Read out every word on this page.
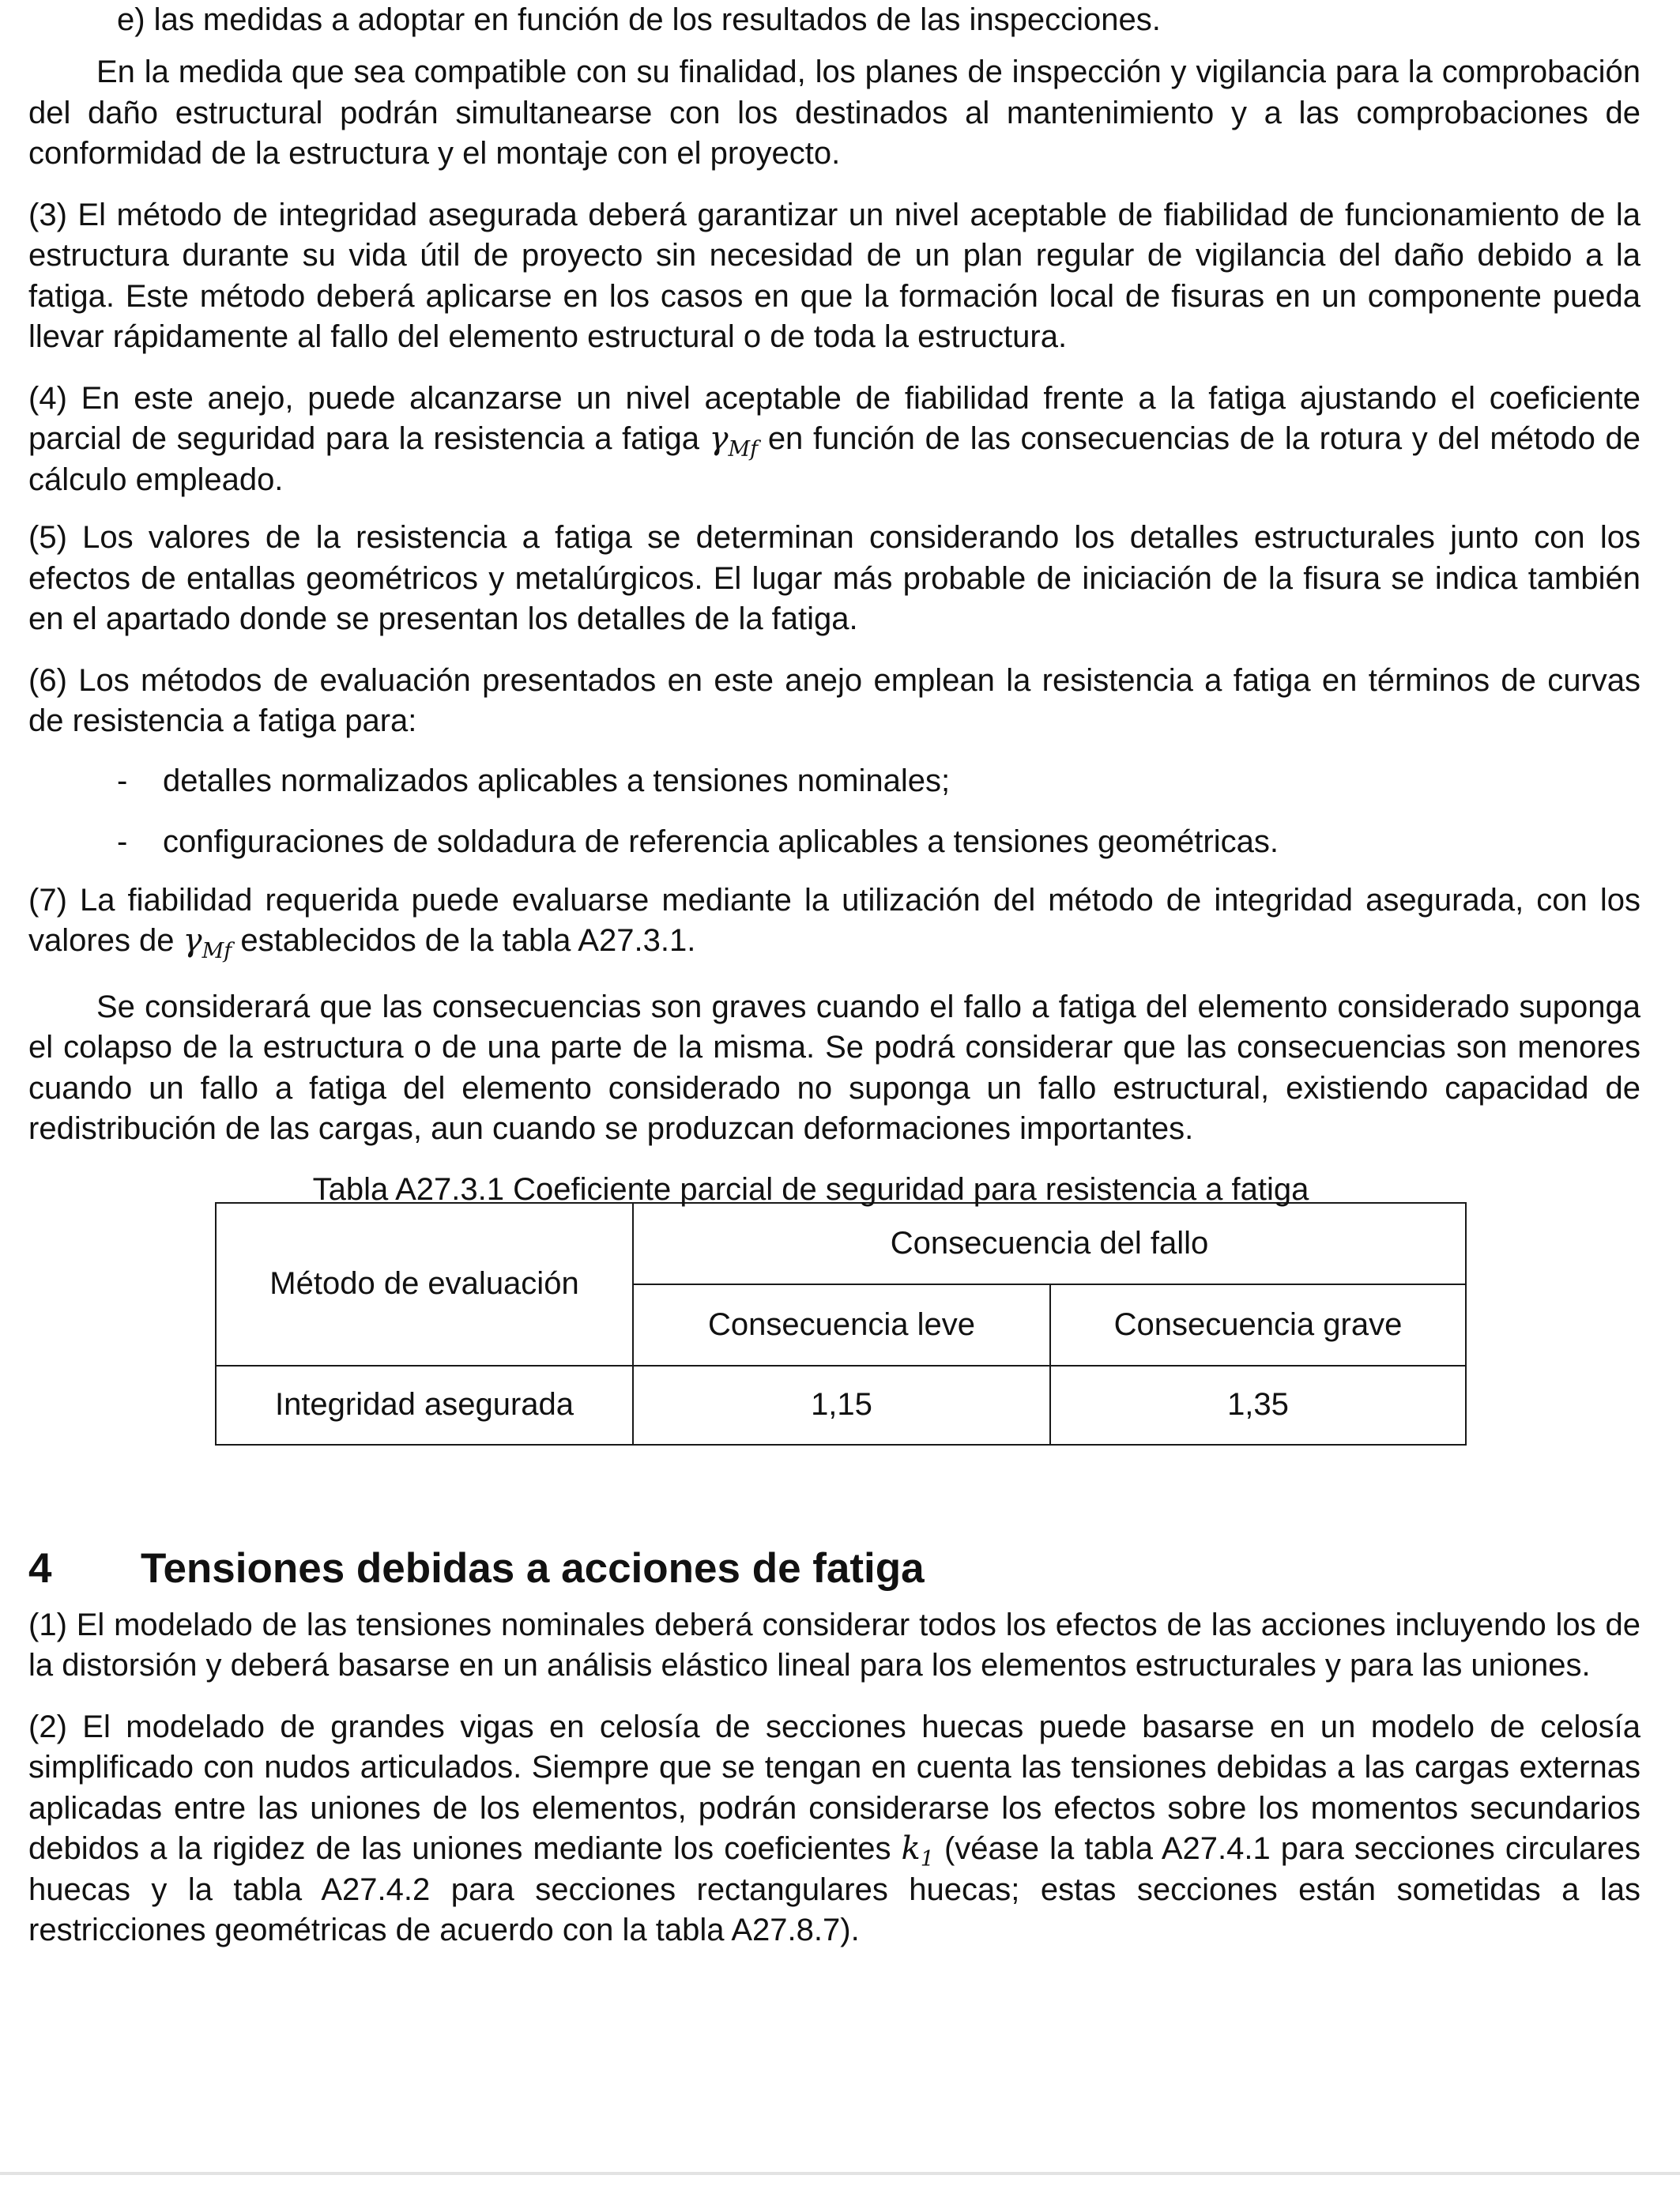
e) las medidas a adoptar en función de los resultados de las inspecciones.

En la medida que sea compatible con su finalidad, los planes de inspección y vigilancia para la comprobación del daño estructural podrán simultanearse con los destinados al mantenimiento y a las comprobaciones de conformidad de la estructura y el montaje con el proyecto.

(3) El método de integridad asegurada deberá garantizar un nivel aceptable de fiabilidad de funcionamiento de la estructura durante su vida útil de proyecto sin necesidad de un plan regular de vigilancia del daño debido a la fatiga. Este método deberá aplicarse en los casos en que la formación local de fisuras en un componente pueda llevar rápidamente al fallo del elemento estructural o de toda la estructura.

(4) En este anejo, puede alcanzarse un nivel aceptable de fiabilidad frente a la fatiga ajustando el coeficiente parcial de seguridad para la resistencia a fatiga $\gamma_{Mf}$ en función de las consecuencias de la rotura y del método de cálculo empleado.

(5) Los valores de la resistencia a fatiga se determinan considerando los detalles estructurales junto con los efectos de entallas geométricos y metalúrgicos. El lugar más probable de iniciación de la fisura se indica también en el apartado donde se presentan los detalles de la fatiga.

(6) Los métodos de evaluación presentados en este anejo emplean la resistencia a fatiga en términos de curvas de resistencia a fatiga para:

- detalles normalizados aplicables a tensiones nominales;
- configuraciones de soldadura de referencia aplicables a tensiones geométricas.

(7) La fiabilidad requerida puede evaluarse mediante la utilización del método de integridad asegurada, con los valores de $\gamma_{Mf}$ establecidos de la tabla A27.3.1.

Se considerará que las consecuencias son graves cuando el fallo a fatiga del elemento considerado suponga el colapso de la estructura o de una parte de la misma. Se podrá considerar que las consecuencias son menores cuando un fallo a fatiga del elemento considerado no suponga un fallo estructural, existiendo capacidad de redistribución de las cargas, aun cuando se produzcan deformaciones importantes.

Tabla A27.3.1 Coeficiente parcial de seguridad para resistencia a fatiga
Método de evaluación	Consecuencia del fallo	
	Consecuencia leve	Consecuencia grave
Integridad asegurada	1,15	1,35
4 Tensiones debidas a acciones de fatiga

(1) El modelado de las tensiones nominales deberá considerar todos los efectos de las acciones incluyendo los de la distorsión y deberá basarse en un análisis elástico lineal para los elementos estructurales y para las uniones.

(2) El modelado de grandes vigas en celosía de secciones huecas puede basarse en un modelo de celosía simplificado con nudos articulados. Siempre que se tengan en cuenta las tensiones debidas a las cargas externas aplicadas entre las uniones de los elementos, podrán considerarse los efectos sobre los momentos secundarios debidos a la rigidez de las uniones mediante los coeficientes $k_1$ (véase la tabla A27.4.1 para secciones circulares huecas y la tabla A27.4.2 para secciones rectangulares huecas; estas secciones están sometidas a las restricciones geométricas de acuerdo con la tabla A27.8.7).
